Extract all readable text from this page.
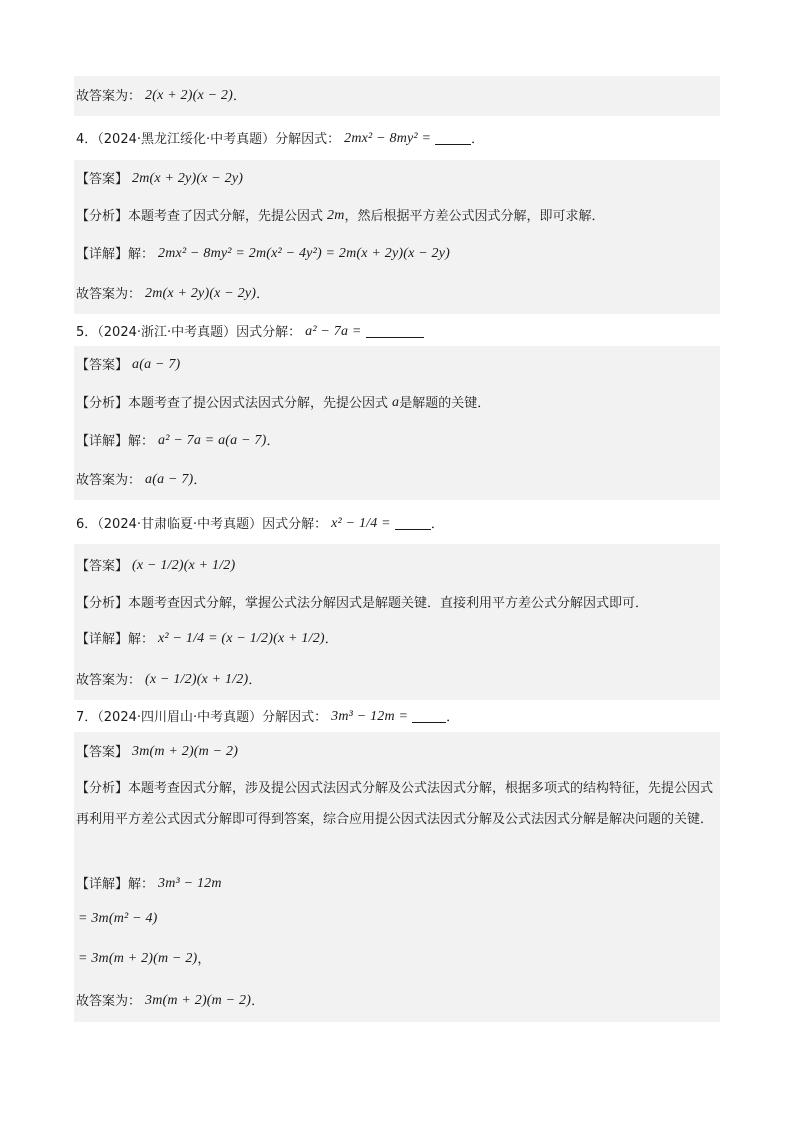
故答案为： 2(x + 2)(x − 2) ．
4．（2024·黑龙江绥化·中考真题）分解因式： 2mx² − 8my² =	．
【答案】 2m(x + 2y)(x − 2y)
【分析】本题考查了因式分解，先提公因式 2m ，然后根据平方差公式因式分解，即可求解．
【详解】解： 2mx² − 8my² = 2m(x² − 4y²) = 2m(x + 2y)(x − 2y)
故答案为： 2m(x + 2y)(x − 2y) ．
5．（2024·浙江·中考真题）因式分解： a² − 7a =
【答案】 a(a − 7)
【分析】本题考查了提公因式法因式分解，先提公因式 a 是解题的关键．
【详解】解： a² − 7a = a(a − 7) ．
故答案为： a(a − 7) ．
6．（2024·甘肃临夏·中考真题）因式分解： x² − 1/4 =	．
【答案】 (x − 1/2)(x + 1/2)
【分析】本题考查因式分解，掌握公式法分解因式是解题关键．直接利用平方差公式分解因式即可．
【详解】解： x² − 1/4 = (x − 1/2)(x + 1/2) ．
故答案为： (x − 1/2)(x + 1/2) ．
7．（2024·四川眉山·中考真题）分解因式： 3m³ − 12m =	．
【答案】 3m(m + 2)(m − 2)
【分析】本题考查因式分解，涉及提公因式法因式分解及公式法因式分解，根据多项式的结构特征，先提公因式再利用平方差公式因式分解即可得到答案，综合应用提公因式法因式分解及公式法因式分解是解决问题的关键．
【详解】解： 3m³ − 12m
= 3m(m² − 4)
= 3m(m + 2)(m − 2) ，
故答案为： 3m(m + 2)(m − 2) ．
